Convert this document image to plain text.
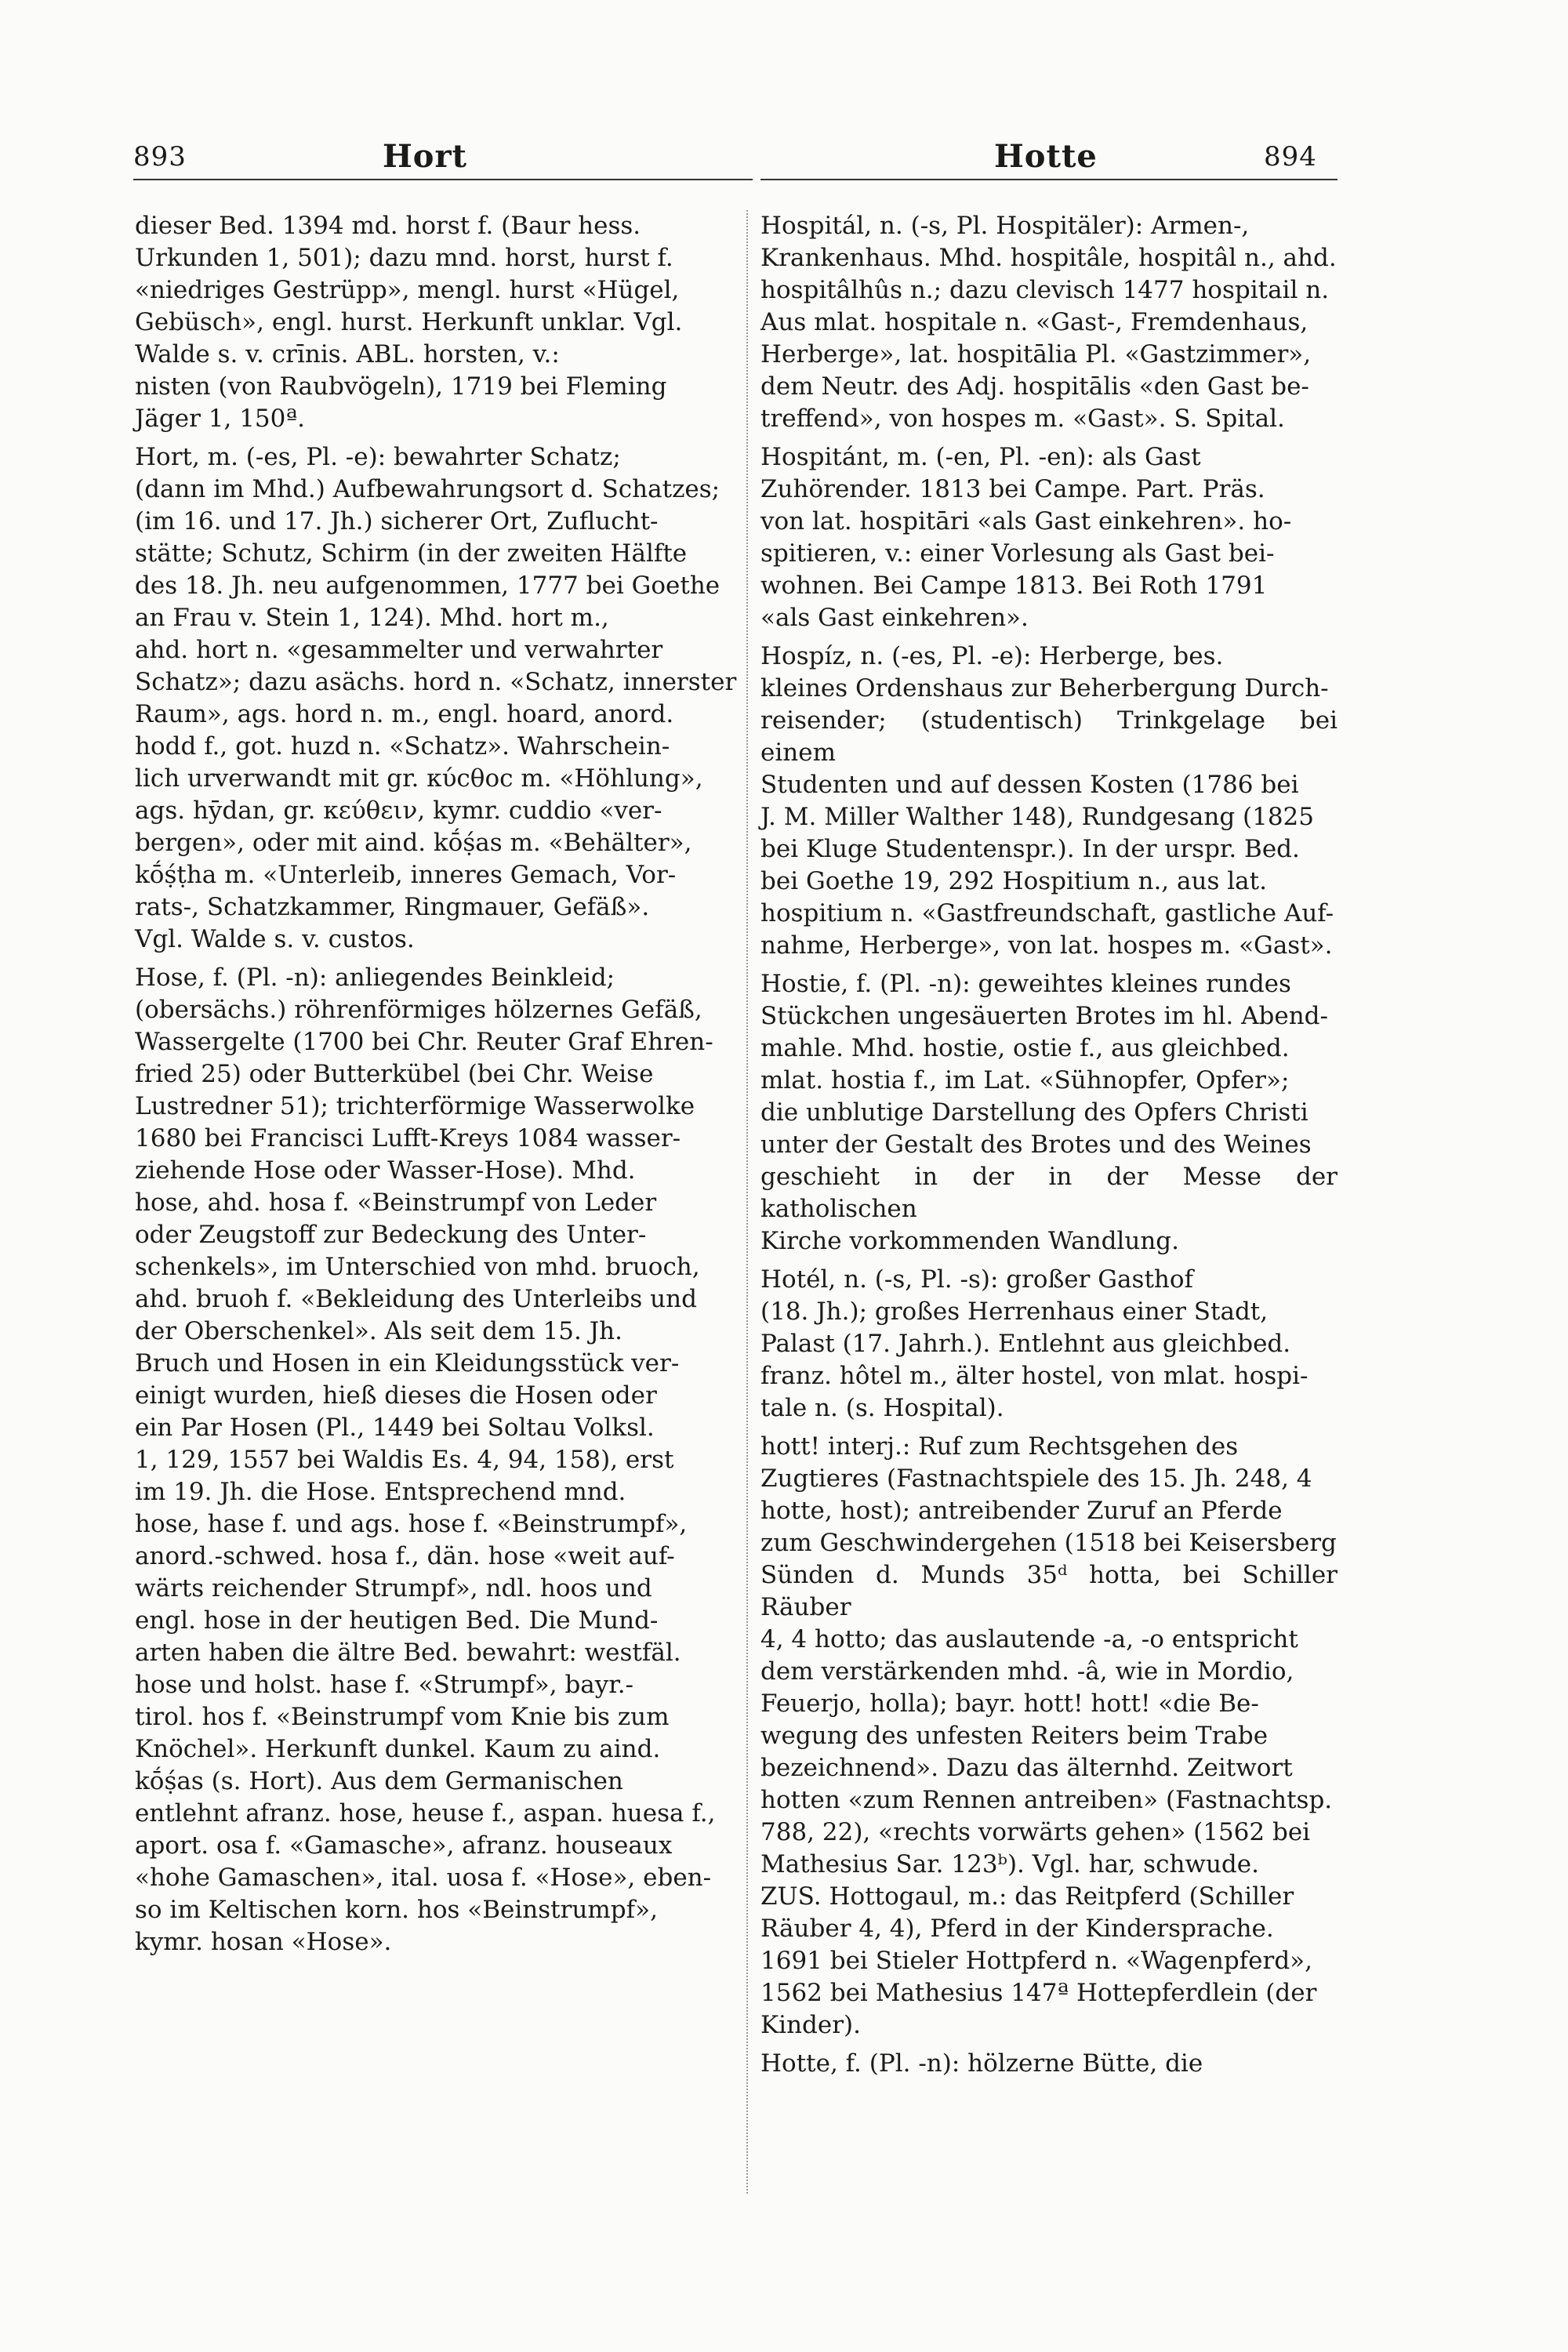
893	Hort	Hotte	894

dieser Bed. 1394 md. horst f. (Baur hess.
Urkunden 1, 501); dazu mnd. horst, hurst f.
«niedriges Gestrüpp», mengl. hurst «Hügel,
Gebüsch», engl. hurst. Herkunft unklar. Vgl.
Walde s. v. crīnis. ABL. horsten, v.:
nisten (von Raubvögeln), 1719 bei Fleming
Jäger 1, 150ª.

Hort, m. (-es, Pl. -e): bewahrter Schatz;
(dann im Mhd.) Aufbewahrungsort d. Schatzes;
(im 16. und 17. Jh.) sicherer Ort, Zuflucht-
stätte; Schutz, Schirm (in der zweiten Hälfte
des 18. Jh. neu aufgenommen, 1777 bei Goethe
an Frau v. Stein 1, 124). Mhd. hort m.,
ahd. hort n. «gesammelter und verwahrter
Schatz»; dazu asächs. hord n. «Schatz, innerster
Raum», ags. hord n. m., engl. hoard, anord.
hodd f., got. huzd n. «Schatz». Wahrschein-
lich urverwandt mit gr. κύϲθοϲ m. «Höhlung»,
ags. hȳdan, gr. κεύθειν, kymr. cuddio «ver-
bergen», oder mit aind. kṓṣ́as m. «Behälter»,
kṓṣ́ṭha m. «Unterleib, inneres Gemach, Vor-
rats-, Schatzkammer, Ringmauer, Gefäß».
Vgl. Walde s. v. custos.

Hose, f. (Pl. -n): anliegendes Beinkleid;
(obersächs.) röhrenförmiges hölzernes Gefäß,
Wassergelte (1700 bei Chr. Reuter Graf Ehren-
fried 25) oder Butterkübel (bei Chr. Weise
Lustredner 51); trichterförmige Wasserwolke
1680 bei Francisci Lufft-Kreys 1084 wasser-
ziehende Hose oder Wasser-Hose). Mhd.
hose, ahd. hosa f. «Beinstrumpf von Leder
oder Zeugstoff zur Bedeckung des Unter-
schenkels», im Unterschied von mhd. bruoch,
ahd. bruoh f. «Bekleidung des Unterleibs und
der Oberschenkel». Als seit dem 15. Jh.
Bruch und Hosen in ein Kleidungsstück ver-
einigt wurden, hieß dieses die Hosen oder
ein Par Hosen (Pl., 1449 bei Soltau Volksl.
1, 129, 1557 bei Waldis Es. 4, 94, 158), erst
im 19. Jh. die Hose. Entsprechend mnd.
hose, hase f. und ags. hose f. «Beinstrumpf»,
anord.-schwed. hosa f., dän. hose «weit auf-
wärts reichender Strumpf», ndl. hoos und
engl. hose in der heutigen Bed. Die Mund-
arten haben die ältre Bed. bewahrt: westfäl.
hose und holst. hase f. «Strumpf», bayr.-
tirol. hos f. «Beinstrumpf vom Knie bis zum
Knöchel». Herkunft dunkel. Kaum zu aind.
kṓṣ́as (s. Hort). Aus dem Germanischen
entlehnt afranz. hose, heuse f., aspan. huesa f.,
aport. osa f. «Gamasche», afranz. houseaux
«hohe Gamaschen», ital. uosa f. «Hose», eben-
so im Keltischen korn. hos «Beinstrumpf»,
kymr. hosan «Hose».

Hospitál, n. (-s, Pl. Hospitäler): Armen-,
Krankenhaus. Mhd. hospitâle, hospitâl n., ahd.
hospitâlhûs n.; dazu clevisch 1477 hospitail n.
Aus mlat. hospitale n. «Gast-, Fremdenhaus,
Herberge», lat. hospitālia Pl. «Gastzimmer»,
dem Neutr. des Adj. hospitālis «den Gast be-
treffend», von hospes m. «Gast». S. Spital.

Hospitánt, m. (-en, Pl. -en): als Gast
Zuhörender. 1813 bei Campe. Part. Präs.
von lat. hospitāri «als Gast einkehren». ho-
spitieren, v.: einer Vorlesung als Gast bei-
wohnen. Bei Campe 1813. Bei Roth 1791
«als Gast einkehren».

Hospíz, n. (-es, Pl. -e): Herberge, bes.
kleines Ordenshaus zur Beherbergung Durch-
reisender; (studentisch) Trinkgelage bei einem
Studenten und auf dessen Kosten (1786 bei
J. M. Miller Walther 148), Rundgesang (1825
bei Kluge Studentenspr.). In der urspr. Bed.
bei Goethe 19, 292 Hospitium n., aus lat.
hospitium n. «Gastfreundschaft, gastliche Auf-
nahme, Herberge», von lat. hospes m. «Gast».

Hostie, f. (Pl. -n): geweihtes kleines rundes
Stückchen ungesäuerten Brotes im hl. Abend-
mahle. Mhd. hostie, ostie f., aus gleichbed.
mlat. hostia f., im Lat. «Sühnopfer, Opfer»;
die unblutige Darstellung des Opfers Christi
unter der Gestalt des Brotes und des Weines
geschieht in der in der Messe der katholischen
Kirche vorkommenden Wandlung.

Hotél, n. (-s, Pl. -s): großer Gasthof
(18. Jh.); großes Herrenhaus einer Stadt,
Palast (17. Jahrh.). Entlehnt aus gleichbed.
franz. hôtel m., älter hostel, von mlat. hospi-
tale n. (s. Hospital).

hott! interj.: Ruf zum Rechtsgehen des
Zugtieres (Fastnachtspiele des 15. Jh. 248, 4
hotte, host); antreibender Zuruf an Pferde
zum Geschwindergehen (1518 bei Keisersberg
Sünden d. Munds 35ᵈ hotta, bei Schiller Räuber
4, 4 hotto; das auslautende -a, -o entspricht
dem verstärkenden mhd. -â, wie in Mordio,
Feuerjo, holla); bayr. hott! hott! «die Be-
wegung des unfesten Reiters beim Trabe
bezeichnend». Dazu das älternhd. Zeitwort
hotten «zum Rennen antreiben» (Fastnachtsp.
788, 22), «rechts vorwärts gehen» (1562 bei
Mathesius Sar. 123ᵇ). Vgl. har, schwude.
ZUS. Hottogaul, m.: das Reitpferd (Schiller
Räuber 4, 4), Pferd in der Kindersprache.
1691 bei Stieler Hottpferd n. «Wagenpferd»,
1562 bei Mathesius 147ª Hottepferdlein (der
Kinder).

Hotte, f. (Pl. -n): hölzerne Bütte, die
